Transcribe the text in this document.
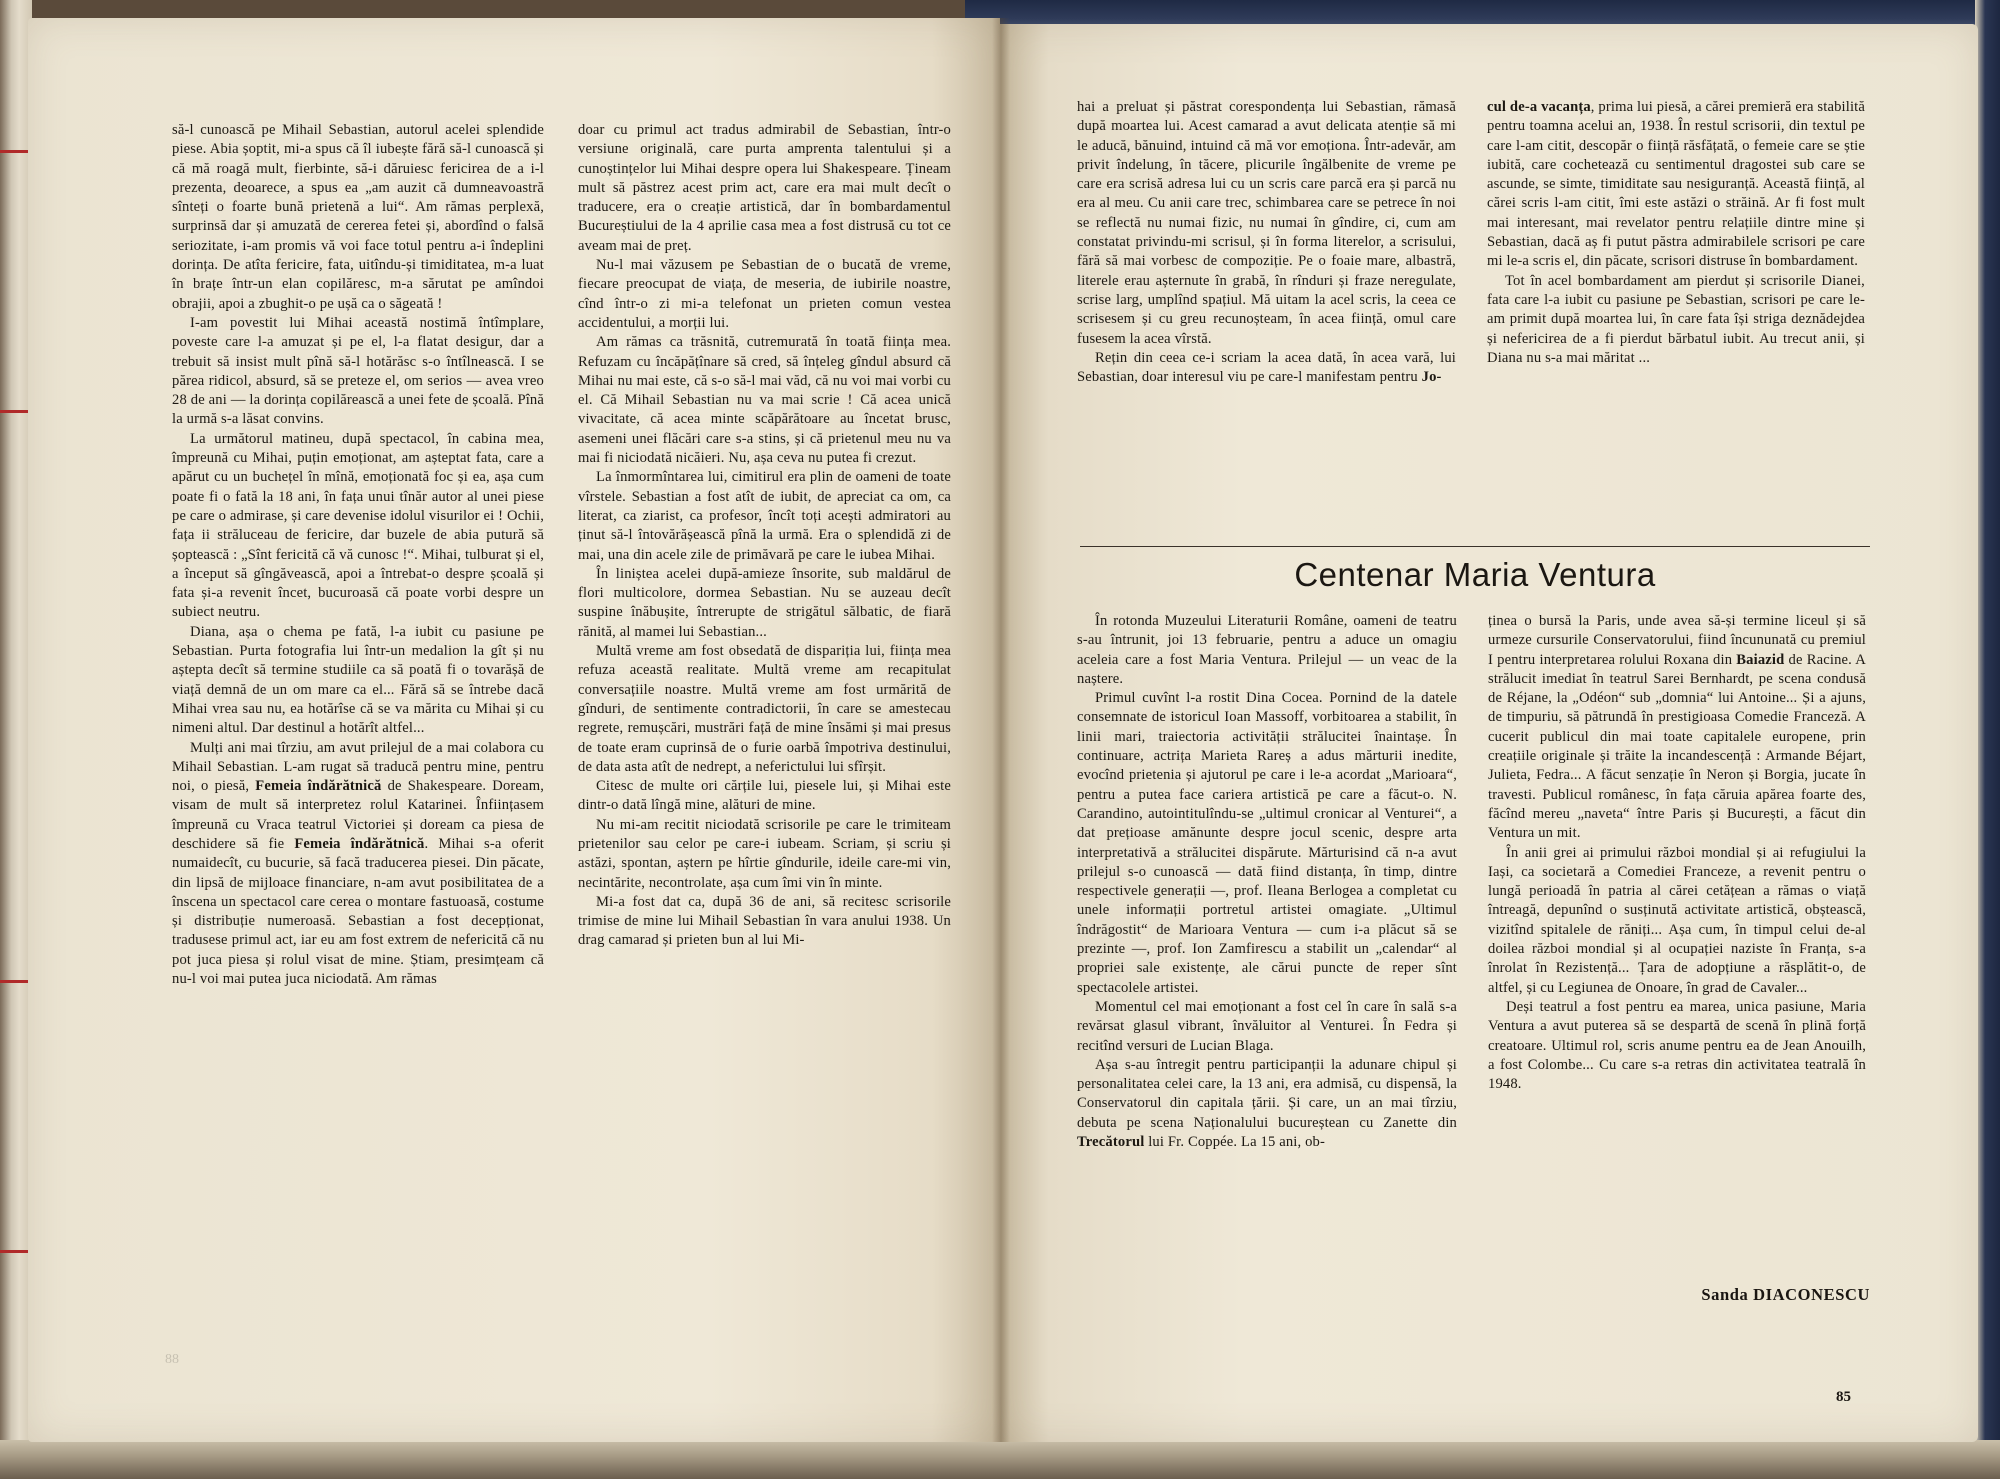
să-l cunoască pe Mihail Sebastian, autorul acelei splendide piese. Abia șoptit, mi-a spus că îl iubește fără să-l cunoască și că mă roagă mult, fierbinte, să-i dăruiesc fericirea de a i-l prezenta, deoarece, a spus ea „am auzit că dumneavoastră sînteți o foarte bună prietenă a lui“. Am rămas perplexă, surprinsă dar și amuzată de cererea fetei și, abordînd o falsă seriozitate, i-am promis vă voi face totul pentru a-i îndeplini dorința. De atîta fericire, fata, uitîndu-și timiditatea, m-a luat în brațe într-un elan copilăresc, m-a sărutat pe amîndoi obrajii, apoi a zbughit-o pe ușă ca o săgeată !

I-am povestit lui Mihai această nostimă întîmplare, poveste care l-a amuzat și pe el, l-a flatat desigur, dar a trebuit să insist mult pînă să-l hotărăsc s-o întîlnească. I se părea ridicol, absurd, să se preteze el, om serios — avea vreo 28 de ani — la dorința copilărească a unei fete de școală. Pînă la urmă s-a lăsat convins.

La următorul matineu, după spectacol, în cabina mea, împreună cu Mihai, puțin emoționat, am așteptat fata, care a apărut cu un buchețel în mînă, emoționată foc și ea, așa cum poate fi o fată la 18 ani, în fața unui tînăr autor al unei piese pe care o admirase, și care devenise idolul visurilor ei ! Ochii, fața ii străluceau de fericire, dar buzele de abia putură să șoptească : „Sînt fericită că vă cunosc !“. Mihai, tulburat și el, a început să gîngăvească, apoi a întrebat-o despre școală și fata și-a revenit încet, bucuroasă că poate vorbi despre un subiect neutru.

Diana, așa o chema pe fată, l-a iubit cu pasiune pe Sebastian. Purta fotografia lui într-un medalion la gît și nu aștepta decît să termine studiile ca să poată fi o tovarășă de viață demnă de un om mare ca el... Fără să se întrebe dacă Mihai vrea sau nu, ea hotărîse că se va mărita cu Mihai și cu nimeni altul. Dar destinul a hotărît altfel...

Mulți ani mai tîrziu, am avut prilejul de a mai colabora cu Mihail Sebastian. L-am rugat să traducă pentru mine, pentru noi, o piesă, Femeia îndărătnică de Shakespeare. Doream, visam de mult să interpretez rolul Katarinei. Înființasem împreună cu Vraca teatrul Victoriei și doream ca piesa de deschidere să fie Femeia îndărătnică. Mihai s-a oferit numaidecît, cu bucurie, să facă traducerea piesei. Din păcate, din lipsă de mijloace financiare, n-am avut posibilitatea de a înscena un spectacol care cerea o montare fastuoasă, costume și distribuție numeroasă. Sebastian a fost decepționat, tradusese primul act, iar eu am fost extrem de nefericită că nu pot juca piesa și rolul visat de mine. Știam, presimțeam că nu-l voi mai putea juca niciodată. Am rămas

doar cu primul act tradus admirabil de Sebastian, într-o versiune originală, care purta amprenta talentului și a cunoștințelor lui Mihai despre opera lui Shakespeare. Țineam mult să păstrez acest prim act, care era mai mult decît o traducere, era o creație artistică, dar în bombardamentul Bucureștiului de la 4 aprilie casa mea a fost distrusă cu tot ce aveam mai de preț.

Nu-l mai văzusem pe Sebastian de o bucată de vreme, fiecare preocupat de viața, de meseria, de iubirile noastre, cînd într-o zi mi-a telefonat un prieten comun vestea accidentului, a morții lui.

Am rămas ca trăsnită, cutremurată în toată ființa mea. Refuzam cu încăpățînare să cred, să înțeleg gîndul absurd că Mihai nu mai este, că s-o să-l mai văd, că nu voi mai vorbi cu el. Că Mihail Sebastian nu va mai scrie ! Că acea unică vivacitate, că acea minte scăpărătoare au încetat brusc, asemeni unei flăcări care s-a stins, și că prietenul meu nu va mai fi niciodată nicăieri. Nu, așa ceva nu putea fi crezut.

La înmormîntarea lui, cimitirul era plin de oameni de toate vîrstele. Sebastian a fost atît de iubit, de apreciat ca om, ca literat, ca ziarist, ca profesor, încît toți acești admiratori au ținut să-l întovărășească pînă la urmă. Era o splendidă zi de mai, una din acele zile de primăvară pe care le iubea Mihai.

În liniștea acelei după-amieze însorite, sub maldărul de flori multicolore, dormea Sebastian. Nu se auzeau decît suspine înăbușite, întrerupte de strigătul sălbatic, de fiară rănită, al mamei lui Sebastian...

Multă vreme am fost obsedată de dispariția lui, ființa mea refuza această realitate. Multă vreme am recapitulat conversațiile noastre. Multă vreme am fost urmărită de gînduri, de sentimente contradictorii, în care se amestecau regrete, remușcări, mustrări față de mine însămi și mai presus de toate eram cuprinsă de o furie oarbă împotriva destinului, de data asta atît de nedrept, a neferictului lui sfîrșit.

Citesc de multe ori cărțile lui, piesele lui, și Mihai este dintr-o dată lîngă mine, alături de mine.

Nu mi-am recitit niciodată scrisorile pe care le trimiteam prietenilor sau celor pe care-i iubeam. Scriam, și scriu și astăzi, spontan, aștern pe hîrtie gîndurile, ideile care-mi vin, necintărite, necontrolate, așa cum îmi vin în minte.

Mi-a fost dat ca, după 36 de ani, să recitesc scrisorile trimise de mine lui Mihail Sebastian în vara anului 1938. Un drag camarad și prieten bun al lui Mi-

88

hai a preluat și păstrat corespondența lui Sebastian, rămasă după moartea lui. Acest camarad a avut delicata atenție să mi le aducă, bănuind, intuind că mă vor emoționa. Într-adevăr, am privit îndelung, în tăcere, plicurile îngălbenite de vreme pe care era scrisă adresa lui cu un scris care parcă era și parcă nu era al meu. Cu anii care trec, schimbarea care se petrece în noi se reflectă nu numai fizic, nu numai în gîndire, ci, cum am constatat privindu-mi scrisul, și în forma literelor, a scrisului, fără să mai vorbesc de compoziție. Pe o foaie mare, albastră, literele erau așternute în grabă, în rînduri și fraze neregulate, scrise larg, umplînd spațiul. Mă uitam la acel scris, la ceea ce scrisesem și cu greu recunoșteam, în acea ființă, omul care fusesem la acea vîrstă.

Rețin din ceea ce-i scriam la acea dată, în acea vară, lui Sebastian, doar interesul viu pe care-l manifestam pentru Jo-

cul de-a vacanța, prima lui piesă, a cărei premieră era stabilită pentru toamna acelui an, 1938. În restul scrisorii, din textul pe care l-am citit, descopăr o ființă răsfățată, o femeie care se știe iubită, care cochetează cu sentimentul dragostei sub care se ascunde, se simte, timiditate sau nesiguranță. Această ființă, al cărei scris l-am citit, îmi este astăzi o străină. Ar fi fost mult mai interesant, mai revelator pentru relațiile dintre mine și Sebastian, dacă aș fi putut păstra admirabilele scrisori pe care mi le-a scris el, din păcate, scrisori distruse în bombardament.

Tot în acel bombardament am pierdut și scrisorile Dianei, fata care l-a iubit cu pasiune pe Sebastian, scrisori pe care le-am primit după moartea lui, în care fata își striga deznădejdea și nefericirea de a fi pierdut bărbatul iubit. Au trecut anii, și Diana nu s-a mai măritat ...

Centenar Maria Ventura

În rotonda Muzeului Literaturii Române, oameni de teatru s-au întrunit, joi 13 februarie, pentru a aduce un omagiu aceleia care a fost Maria Ventura. Prilejul — un veac de la naștere.

Primul cuvînt l-a rostit Dina Cocea. Pornind de la datele consemnate de istoricul Ioan Massoff, vorbitoarea a stabilit, în linii mari, traiectoria activității strălucitei înaintașe. În continuare, actrița Marieta Rareș a adus mărturii inedite, evocînd prietenia și ajutorul pe care i le-a acordat „Marioara“, pentru a putea face cariera artistică pe care a făcut-o. N. Carandino, autointitulîndu-se „ultimul cronicar al Venturei“, a dat prețioase amănunte despre jocul scenic, despre arta interpretativă a strălucitei dispărute. Mărturisind că n-a avut prilejul s-o cunoască — dată fiind distanța, în timp, dintre respectivele generații —, prof. Ileana Berlogea a completat cu unele informații portretul artistei omagiate. „Ultimul îndrăgostit“ de Marioara Ventura — cum i-a plăcut să se prezinte —, prof. Ion Zamfirescu a stabilit un „calendar“ al propriei sale existențe, ale cărui puncte de reper sînt spectacolele artistei.

Momentul cel mai emoționant a fost cel în care în sală s-a revărsat glasul vibrant, învăluitor al Venturei. În Fedra și recitînd versuri de Lucian Blaga.

Așa s-au întregit pentru participanții la adunare chipul și personalitatea celei care, la 13 ani, era admisă, cu dispensă, la Conservatorul din capitala țării. Și care, un an mai tîrziu, debuta pe scena Naționalului bucureștean cu Zanette din Trecătorul lui Fr. Coppée. La 15 ani, ob-

ținea o bursă la Paris, unde avea să-și termine liceul și să urmeze cursurile Conservatorului, fiind încununată cu premiul I pentru interpretarea rolului Roxana din Baiazid de Racine. A strălucit imediat în teatrul Sarei Bernhardt, pe scena condusă de Réjane, la „Odéon“ sub „domnia“ lui Antoine... Și a ajuns, de timpuriu, să pătrundă în prestigioasa Comedie Franceză. A cucerit publicul din mai toate capitalele europene, prin creațiile originale și trăite la incandescență : Armande Béjart, Julieta, Fedra... A făcut senzație în Neron și Borgia, jucate în travesti. Publicul românesc, în fața căruia apărea foarte des, făcînd mereu „naveta“ între Paris și București, a făcut din Ventura un mit.

În anii grei ai primului război mondial și ai refugiului la Iași, ca societară a Comediei Franceze, a revenit pentru o lungă perioadă în patria al cărei cetățean a rămas o viață întreagă, depunînd o susținută activitate artistică, obștească, vizitînd spitalele de răniți... Așa cum, în timpul celui de-al doilea război mondial și al ocupației naziste în Franța, s-a înrolat în Rezistență... Țara de adopțiune a răsplătit-o, de altfel, și cu Legiunea de Onoare, în grad de Cavaler...

Deși teatrul a fost pentru ea marea, unica pasiune, Maria Ventura a avut puterea să se despartă de scenă în plină forță creatoare. Ultimul rol, scris anume pentru ea de Jean Anouilh, a fost Colombe... Cu care s-a retras din activitatea teatrală în 1948.

Sanda DIACONESCU
85
